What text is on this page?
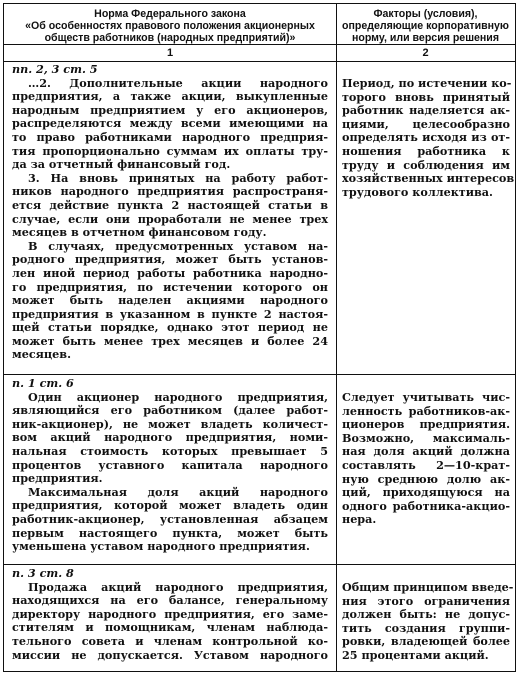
Норма Федерального закона
«Об особенностях правового положения акционерных
обществ работников (народных предприятий)»
Факторы (условия),
определяющие корпоративную
норму, или версия решения
1	2
пп. 2, 3 ст. 5
…2. Дополнительные акции народного
предприятия, а также акции, выкупленные
народным предприятием у его акционеров,
распределяются между всеми имеющими на
то право работниками народного предприя-
тия пропорционально суммам их оплаты тру-
да за отчетный финансовый год.
3. На вновь принятых на работу работ-
ников народного предприятия распространя-
ется действие пункта 2 настоящей статьи в
случае, если они проработали не менее трех
месяцев в отчетном финансовом году.
В случаях, предусмотренных уставом на-
родного предприятия, может быть установ-
лен иной период работы работника народно-
го предприятия, по истечении которого он
может быть наделен акциями народного
предприятия в указанном в пункте 2 настоя-
щей статьи порядке, однако этот период не
может быть менее трех месяцев и более 24
месяцев.
Период, по истечении ко-
торого вновь принятый
работник наделяется ак-
циями, целесообразно
определять исходя из от-
ношения работника к
труду и соблюдения им
хозяйственных интересов
трудового коллектива.
п. 1 ст. 6
Один акционер народного предприятия,
являющийся его работником (далее работ-
ник-акционер), не может владеть количест-
вом акций народного предприятия, номи-
нальная стоимость которых превышает 5
процентов уставного капитала народного
предприятия.
Максимальная доля акций народного
предприятия, которой может владеть один
работник-акционер, установленная абзацем
первым настоящего пункта, может быть
уменьшена уставом народного предприятия.
Следует учитывать чис-
ленность работников-ак-
ционеров предприятия.
Возможно, максималь-
ная доля акций должна
составлять 2—10-крат-
ную среднюю долю ак-
ций, приходящуюся на
одного работника-акцио-
нера.
п. 3 ст. 8
Продажа акций народного предприятия,
находящихся на его балансе, генеральному
директору народного предприятия, его заме-
стителям и помощникам, членам наблюда-
тельного совета и членам контрольной ко-
миссии не допускается. Уставом народного
Общим принципом введе-
ния этого ограничения
должен быть: не допус-
тить создания группи-
ровки, владеющей более
25 процентами акций.
